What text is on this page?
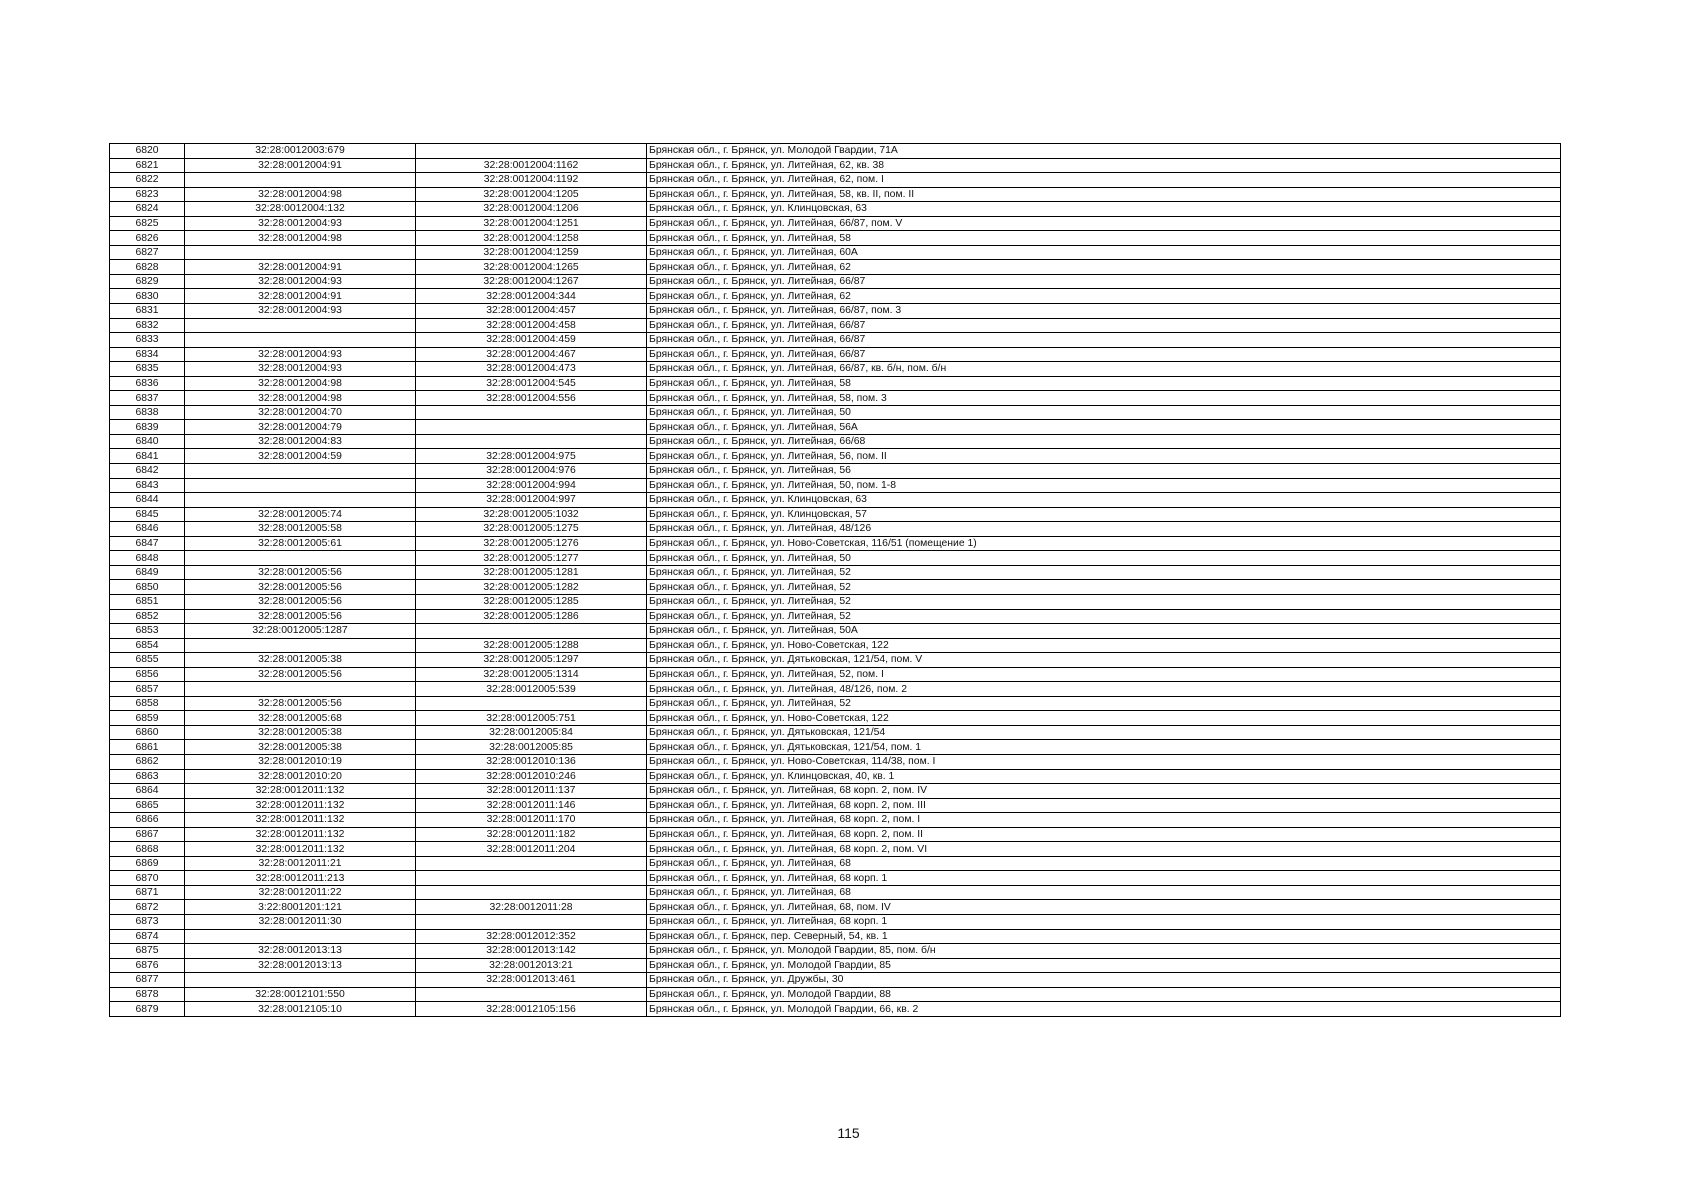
6820	32:28:0012003:679		Брянская обл., г. Брянск, ул. Молодой Гвардии, 71А
6821	32:28:0012004:91	32:28:0012004:1162	Брянская обл., г. Брянск, ул. Литейная, 62, кв. 38
6822		32:28:0012004:1192	Брянская обл., г. Брянск, ул. Литейная, 62, пом. I
6823	32:28:0012004:98	32:28:0012004:1205	Брянская обл., г. Брянск, ул. Литейная, 58, кв. II, пом. II
6824	32:28:0012004:132	32:28:0012004:1206	Брянская обл., г. Брянск, ул. Клинцовская, 63
6825	32:28:0012004:93	32:28:0012004:1251	Брянская обл., г. Брянск, ул. Литейная, 66/87, пом. V
6826	32:28:0012004:98	32:28:0012004:1258	Брянская обл., г. Брянск, ул. Литейная, 58
6827		32:28:0012004:1259	Брянская обл., г. Брянск, ул. Литейная, 60А
6828	32:28:0012004:91	32:28:0012004:1265	Брянская обл., г. Брянск, ул. Литейная, 62
6829	32:28:0012004:93	32:28:0012004:1267	Брянская обл., г. Брянск, ул. Литейная, 66/87
6830	32:28:0012004:91	32:28:0012004:344	Брянская обл., г. Брянск, ул. Литейная, 62
6831	32:28:0012004:93	32:28:0012004:457	Брянская обл., г. Брянск, ул. Литейная, 66/87, пом. 3
6832		32:28:0012004:458	Брянская обл., г. Брянск, ул. Литейная, 66/87
6833		32:28:0012004:459	Брянская обл., г. Брянск, ул. Литейная, 66/87
6834	32:28:0012004:93	32:28:0012004:467	Брянская обл., г. Брянск, ул. Литейная, 66/87
6835	32:28:0012004:93	32:28:0012004:473	Брянская обл., г. Брянск, ул. Литейная, 66/87, кв. б/н, пом. б/н
6836	32:28:0012004:98	32:28:0012004:545	Брянская обл., г. Брянск, ул. Литейная, 58
6837	32:28:0012004:98	32:28:0012004:556	Брянская обл., г. Брянск, ул. Литейная, 58, пом. 3
6838	32:28:0012004:70		Брянская обл., г. Брянск, ул. Литейная, 50
6839	32:28:0012004:79		Брянская обл., г. Брянск, ул. Литейная, 56А
6840	32:28:0012004:83		Брянская обл., г. Брянск, ул. Литейная, 66/68
6841	32:28:0012004:59	32:28:0012004:975	Брянская обл., г. Брянск, ул. Литейная, 56, пом. II
6842		32:28:0012004:976	Брянская обл., г. Брянск, ул. Литейная, 56
6843		32:28:0012004:994	Брянская обл., г. Брянск, ул. Литейная, 50, пом. 1-8
6844		32:28:0012004:997	Брянская обл., г. Брянск, ул. Клинцовская, 63
6845	32:28:0012005:74	32:28:0012005:1032	Брянская обл., г. Брянск, ул. Клинцовская, 57
6846	32:28:0012005:58	32:28:0012005:1275	Брянская обл., г. Брянск, ул. Литейная, 48/126
6847	32:28:0012005:61	32:28:0012005:1276	Брянская обл., г. Брянск, ул. Ново-Советская, 116/51 (помещение 1)
6848		32:28:0012005:1277	Брянская обл., г. Брянск, ул. Литейная, 50
6849	32:28:0012005:56	32:28:0012005:1281	Брянская обл., г. Брянск, ул. Литейная, 52
6850	32:28:0012005:56	32:28:0012005:1282	Брянская обл., г. Брянск, ул. Литейная, 52
6851	32:28:0012005:56	32:28:0012005:1285	Брянская обл., г. Брянск, ул. Литейная, 52
6852	32:28:0012005:56	32:28:0012005:1286	Брянская обл., г. Брянск, ул. Литейная, 52
6853	32:28:0012005:1287		Брянская обл., г. Брянск, ул. Литейная, 50А
6854		32:28:0012005:1288	Брянская обл., г. Брянск, ул. Ново-Советская, 122
6855	32:28:0012005:38	32:28:0012005:1297	Брянская обл., г. Брянск, ул. Дятьковская, 121/54, пом. V
6856	32:28:0012005:56	32:28:0012005:1314	Брянская обл., г. Брянск, ул. Литейная, 52, пом. I
6857		32:28:0012005:539	Брянская обл., г. Брянск, ул. Литейная, 48/126, пом. 2
6858	32:28:0012005:56		Брянская обл., г. Брянск, ул. Литейная, 52
6859	32:28:0012005:68	32:28:0012005:751	Брянская обл., г. Брянск, ул. Ново-Советская, 122
6860	32:28:0012005:38	32:28:0012005:84	Брянская обл., г. Брянск, ул. Дятьковская, 121/54
6861	32:28:0012005:38	32:28:0012005:85	Брянская обл., г. Брянск, ул. Дятьковская, 121/54, пом. 1
6862	32:28:0012010:19	32:28:0012010:136	Брянская обл., г. Брянск, ул. Ново-Советская, 114/38, пом. I
6863	32:28:0012010:20	32:28:0012010:246	Брянская обл., г. Брянск, ул. Клинцовская, 40, кв. 1
6864	32:28:0012011:132	32:28:0012011:137	Брянская обл., г. Брянск, ул. Литейная, 68 корп. 2, пом. IV
6865	32:28:0012011:132	32:28:0012011:146	Брянская обл., г. Брянск, ул. Литейная, 68 корп. 2, пом. III
6866	32:28:0012011:132	32:28:0012011:170	Брянская обл., г. Брянск, ул. Литейная, 68 корп. 2, пом. I
6867	32:28:0012011:132	32:28:0012011:182	Брянская обл., г. Брянск, ул. Литейная, 68 корп. 2, пом. II
6868	32:28:0012011:132	32:28:0012011:204	Брянская обл., г. Брянск, ул. Литейная, 68 корп. 2, пом. VI
6869	32:28:0012011:21		Брянская обл., г. Брянск, ул. Литейная, 68
6870	32:28:0012011:213		Брянская обл., г. Брянск, ул. Литейная, 68 корп. 1
6871	32:28:0012011:22		Брянская обл., г. Брянск, ул. Литейная, 68
6872	3:22:8001201:121	32:28:0012011:28	Брянская обл., г. Брянск, ул. Литейная, 68, пом. IV
6873	32:28:0012011:30		Брянская обл., г. Брянск, ул. Литейная, 68 корп. 1
6874		32:28:0012012:352	Брянская обл., г. Брянск, пер. Северный, 54, кв. 1
6875	32:28:0012013:13	32:28:0012013:142	Брянская обл., г. Брянск, ул. Молодой Гвардии, 85, пом. б/н
6876	32:28:0012013:13	32:28:0012013:21	Брянская обл., г. Брянск, ул. Молодой Гвардии, 85
6877		32:28:0012013:461	Брянская обл., г. Брянск, ул. Дружбы, 30
6878	32:28:0012101:550		Брянская обл., г. Брянск, ул. Молодой Гвардии, 88
6879	32:28:0012105:10	32:28:0012105:156	Брянская обл., г. Брянск, ул. Молодой Гвардии, 66, кв. 2
115
